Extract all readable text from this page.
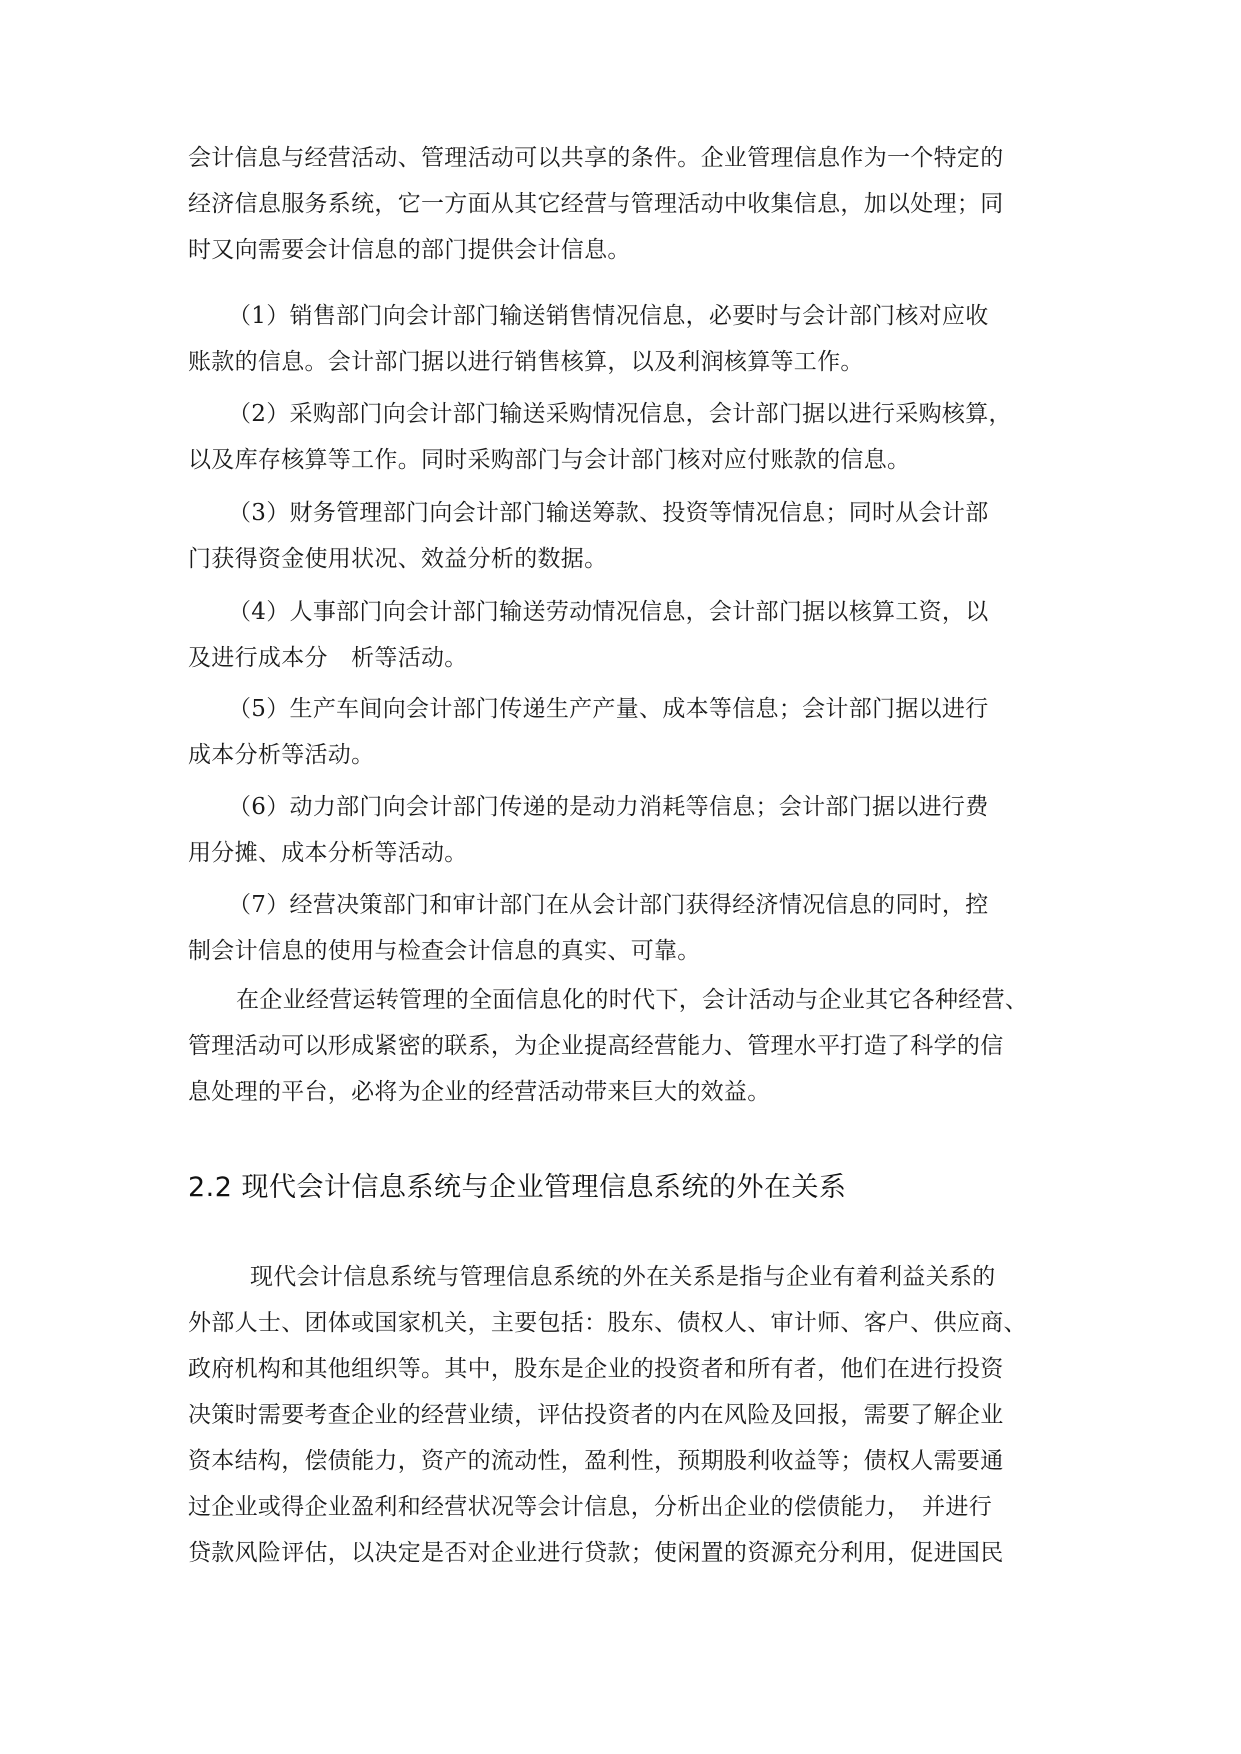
会计信息与经营活动、管理活动可以共享的条件。企业管理信息作为一个特定的
经济信息服务系统，它一方面从其它经营与管理活动中收集信息，加以处理；同
时又向需要会计信息的部门提供会计信息。
（1）销售部门向会计部门输送销售情况信息，必要时与会计部门核对应收
账款的信息。会计部门据以进行销售核算，以及利润核算等工作。
（2）采购部门向会计部门输送采购情况信息，会计部门据以进行采购核算，
以及库存核算等工作。同时采购部门与会计部门核对应付账款的信息。
（3）财务管理部门向会计部门输送筹款、投资等情况信息；同时从会计部
门获得资金使用状况、效益分析的数据。
（4）人事部门向会计部门输送劳动情况信息，会计部门据以核算工资，以
及进行成本分　析等活动。
（5）生产车间向会计部门传递生产产量、成本等信息；会计部门据以进行
成本分析等活动。
（6）动力部门向会计部门传递的是动力消耗等信息；会计部门据以进行费
用分摊、成本分析等活动。
（7）经营决策部门和审计部门在从会计部门获得经济情况信息的同时，控
制会计信息的使用与检查会计信息的真实、可靠。
在企业经营运转管理的全面信息化的时代下，会计活动与企业其它各种经营、
管理活动可以形成紧密的联系，为企业提高经营能力、管理水平打造了科学的信
息处理的平台，必将为企业的经营活动带来巨大的效益。
2.2 现代会计信息系统与企业管理信息系统的外在关系
现代会计信息系统与管理信息系统的外在关系是指与企业有着利益关系的
外部人士、团体或国家机关，主要包括：股东、债权人、审计师、客户、供应商、
政府机构和其他组织等。其中，股东是企业的投资者和所有者，他们在进行投资
决策时需要考查企业的经营业绩，评估投资者的内在风险及回报，需要了解企业
资本结构，偿债能力，资产的流动性，盈利性，预期股利收益等；债权人需要通
过企业或得企业盈利和经营状况等会计信息，分析出企业的偿债能力，　并进行
贷款风险评估，以决定是否对企业进行贷款；使闲置的资源充分利用，促进国民
